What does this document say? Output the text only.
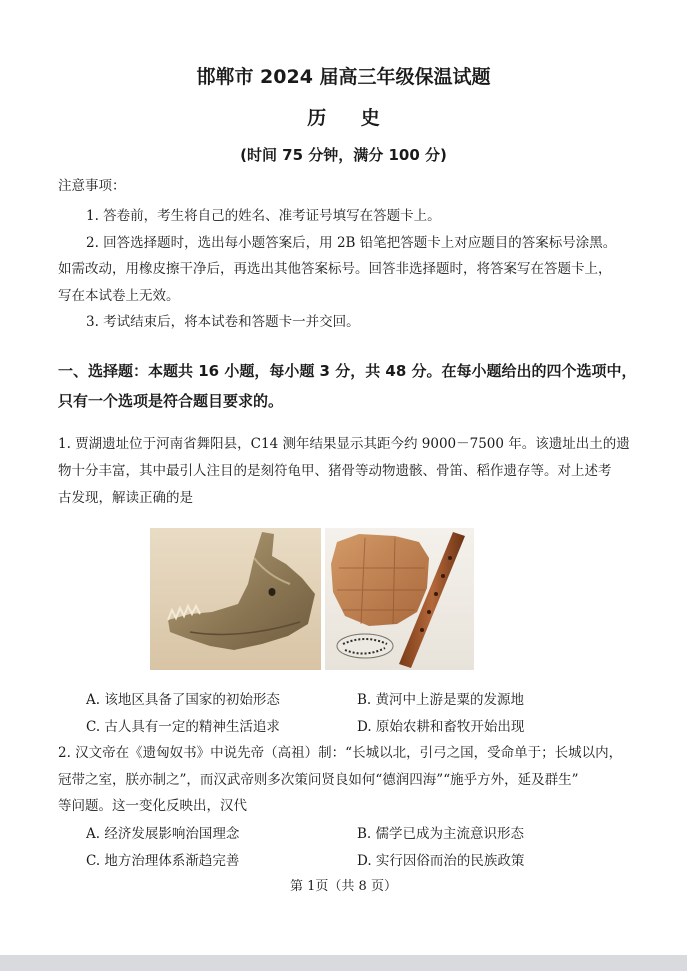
邯郸市 2024 届高三年级保温试题
历 史
(时间 75 分钟，满分 100 分)
注意事项：
1. 答卷前，考生将自己的姓名、准考证号填写在答题卡上。
2. 回答选择题时，选出每小题答案后，用 2B 铅笔把答题卡上对应题目的答案标号涂黑。
如需改动，用橡皮擦干净后，再选出其他答案标号。回答非选择题时，将答案写在答题卡上，
写在本试卷上无效。
3. 考试结束后，将本试卷和答题卡一并交回。
一、选择题：本题共 16 小题，每小题 3 分，共 48 分。在每小题给出的四个选项中，
只有一个选项是符合题目要求的。
1. 贾湖遗址位于河南省舞阳县，C14 测年结果显示其距今约 9000－7500 年。该遗址出土的遗
物十分丰富，其中最引人注目的是刻符龟甲、猪骨等动物遗骸、骨笛、稻作遗存等。对上述考
古发现，解读正确的是
A. 该地区具备了国家的初始形态	B. 黄河中上游是粟的发源地
C. 古人具有一定的精神生活追求	D. 原始农耕和畜牧开始出现
2. 汉文帝在《遗匈奴书》中说先帝（高祖）制：“长城以北，引弓之国，受命单于；长城以内，
冠带之室，朕亦制之”，而汉武帝则多次策问贤良如何“德润四海”“施乎方外，延及群生”
等问题。这一变化反映出，汉代
A. 经济发展影响治国理念	B. 儒学已成为主流意识形态
C. 地方治理体系渐趋完善	D. 实行因俗而治的民族政策
第 1页（共 8 页）
